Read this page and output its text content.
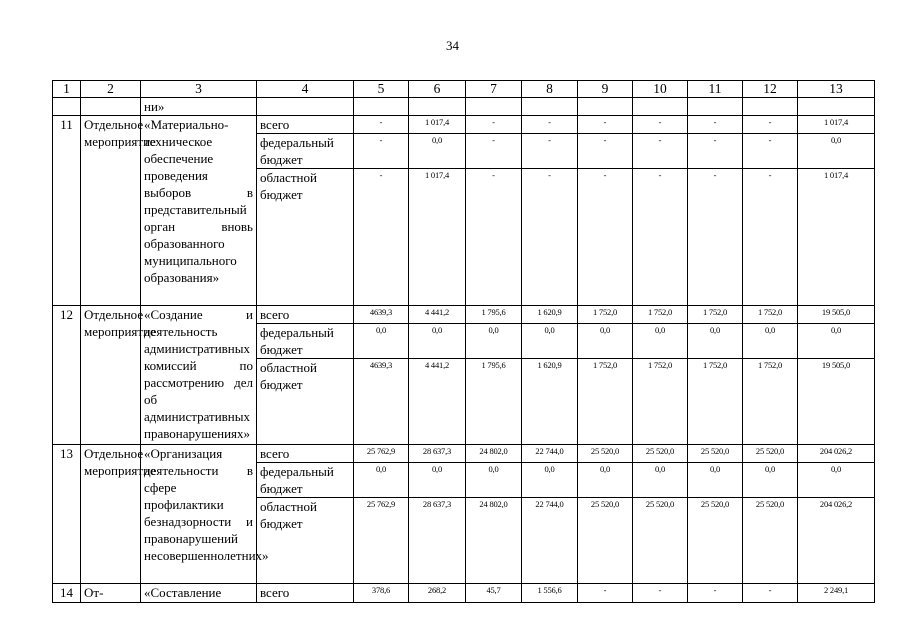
34
1	2	3	4	5	6	7	8	9	10	11	12	13
		ни»										
11	Отдельное мероприятие	«Материально-техническое обеспечение проведения выборов в представительный орган вновь образованного муниципального образования»	всего	-	1 017,4	-	-	-	-	-	-	1 017,4
			федеральный бюджет	-	0,0	-	-	-	-	-	-	0,0
			областной бюджет	-	1 017,4	-	-	-	-	-	-	1 017,4
12	Отдельное мероприятие	«Создание и деятельность административных комиссий по рассмотрению дел об административных правонарушениях»	всего	4639,3	4 441,2	1 795,6	1 620,9	1 752,0	1 752,0	1 752,0	1 752,0	19 505,0
			федеральный бюджет	0,0	0,0	0,0	0,0	0,0	0,0	0,0	0,0	0,0
			областной бюджет	4639,3	4 441,2	1 795,6	1 620,9	1 752,0	1 752,0	1 752,0	1 752,0	19 505,0
13	Отдельное мероприятие	«Организация деятельности в сфере профилактики безнадзорности и правонарушений несовершеннолетних»	всего	25 762,9	28 637,3	24 802,0	22 744,0	25 520,0	25 520,0	25 520,0	25 520,0	204 026,2
			федеральный бюджет	0,0	0,0	0,0	0,0	0,0	0,0	0,0	0,0	0,0
			областной бюджет	25 762,9	28 637,3	24 802,0	22 744,0	25 520,0	25 520,0	25 520,0	25 520,0	204 026,2
14	От-	«Составление	всего	378,6	268,2	45,7	1 556,6	-	-	-	-	2 249,1
